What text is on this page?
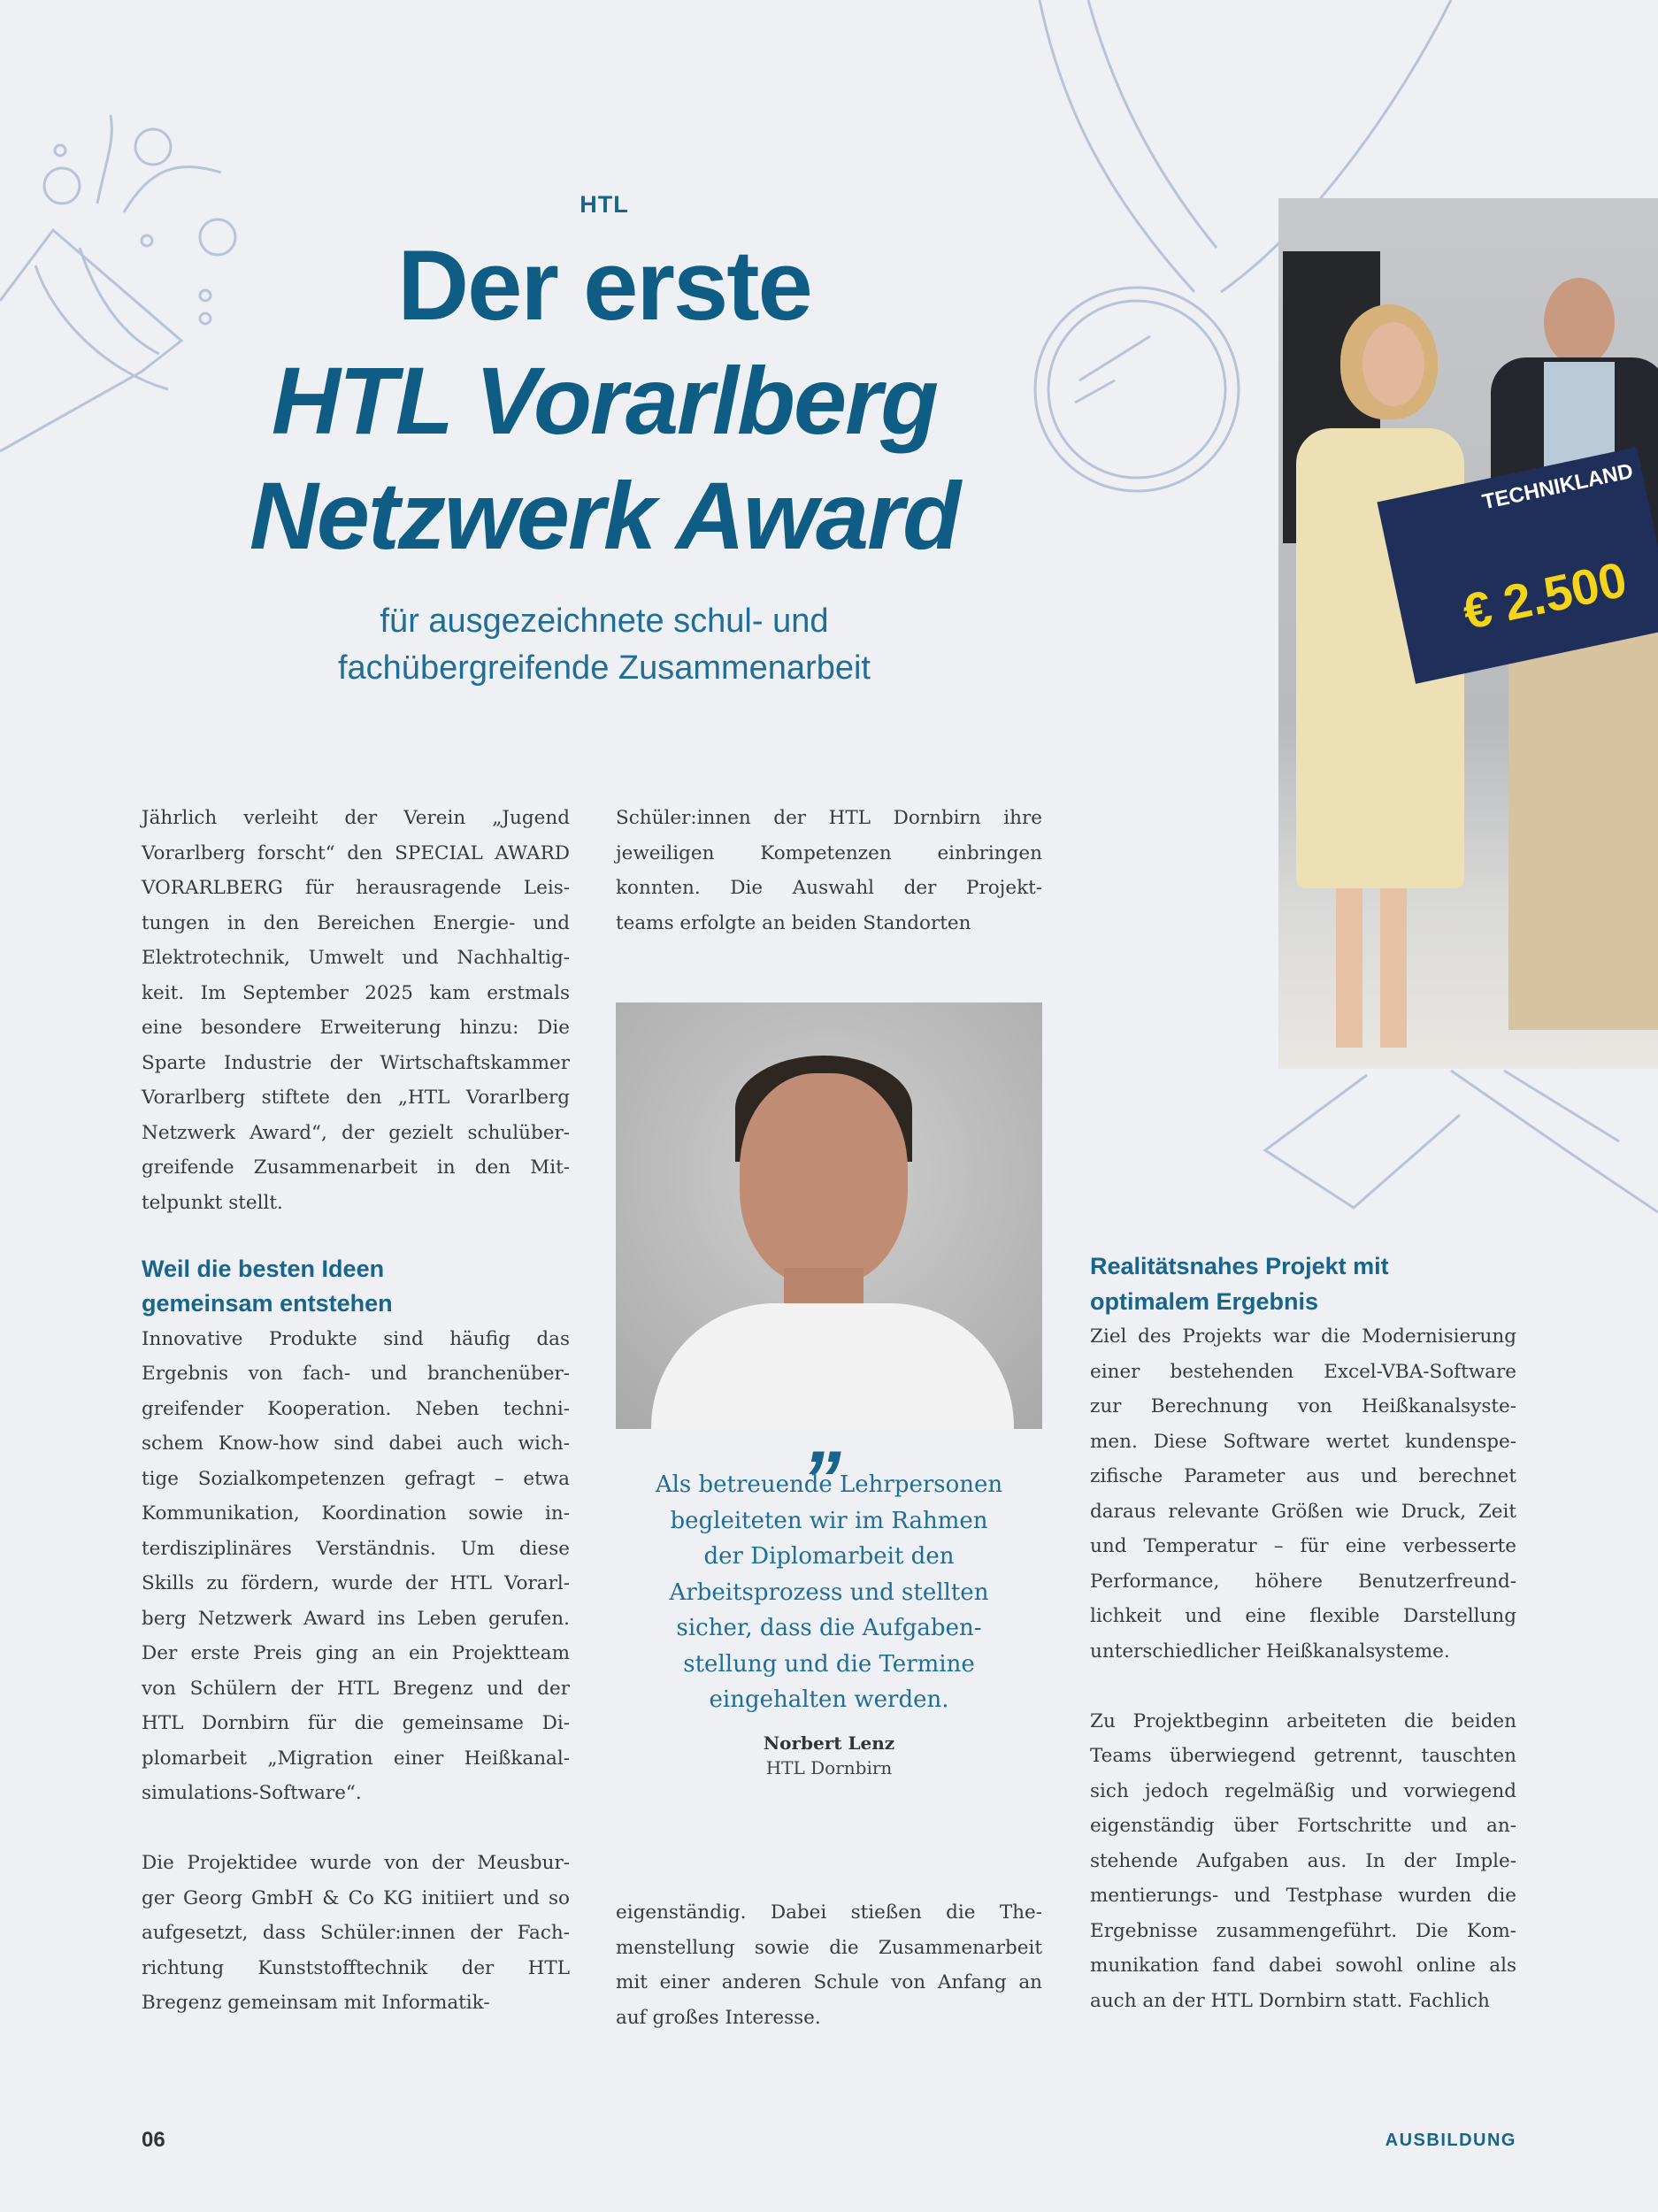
HTL
Der erste
HTL Vorarlberg
Netzwerk Award
für ausgezeichnete schul- und
fachübergreifende Zusammenarbeit
TECHNIKLAND
€ 2.500
Jährlich verleiht der Verein „Jugend
Vorarlberg forscht“ den SPECIAL AWARD
VORARLBERG für herausragende Leis-
tungen in den Bereichen Energie- und
Elektrotechnik, Umwelt und Nachhaltig-
keit. Im September 2025 kam erstmals
eine besondere Erweiterung hinzu: Die
Sparte Industrie der Wirtschaftskammer
Vorarlberg stiftete den „HTL Vorarlberg
Netzwerk Award“, der gezielt schulüber-
greifende Zusammenarbeit in den Mit-
telpunkt stellt.
Weil die besten Ideen
gemeinsam entstehen
Innovative Produkte sind häufig das
Ergebnis von fach- und branchenüber-
greifender Kooperation. Neben techni-
schem Know-how sind dabei auch wich-
tige Sozialkompetenzen gefragt – etwa
Kommunikation, Koordination sowie in-
terdisziplinäres Verständnis. Um diese
Skills zu fördern, wurde der HTL Vorarl-
berg Netzwerk Award ins Leben gerufen.
Der erste Preis ging an ein Projektteam
von Schülern der HTL Bregenz und der
HTL Dornbirn für die gemeinsame Di-
plomarbeit „Migration einer Heißkanal-
simulations-Software“.
Die Projektidee wurde von der Meusbur-
ger Georg GmbH & Co KG initiiert und so
aufgesetzt, dass Schüler:innen der Fach-
richtung Kunststofftechnik der HTL
Bregenz gemeinsam mit Informatik-
Schüler:innen der HTL Dornbirn ihre
jeweiligen Kompetenzen einbringen
konnten. Die Auswahl der Projekt-
teams erfolgte an beiden Standorten
„
Als betreuende Lehrpersonen
begleiteten wir im Rahmen
der Diplomarbeit den
Arbeitsprozess und stellten
sicher, dass die Aufgaben-
stellung und die Termine
eingehalten werden.
Norbert Lenz
HTL Dornbirn
eigenständig. Dabei stießen die The-
menstellung sowie die Zusammenarbeit
mit einer anderen Schule von Anfang an
auf großes Interesse.
Realitätsnahes Projekt mit
optimalem Ergebnis
Ziel des Projekts war die Modernisierung
einer bestehenden Excel-VBA-Software
zur Berechnung von Heißkanalsyste-
men. Diese Software wertet kundenspe-
zifische Parameter aus und berechnet
daraus relevante Größen wie Druck, Zeit
und Temperatur – für eine verbesserte
Performance, höhere Benutzerfreund-
lichkeit und eine flexible Darstellung
unterschiedlicher Heißkanalsysteme.
Zu Projektbeginn arbeiteten die beiden
Teams überwiegend getrennt, tauschten
sich jedoch regelmäßig und vorwiegend
eigenständig über Fortschritte und an-
stehende Aufgaben aus. In der Imple-
mentierungs- und Testphase wurden die
Ergebnisse zusammengeführt. Die Kom-
munikation fand dabei sowohl online als
auch an der HTL Dornbirn statt. Fachlich
06	AUSBILDUNG
